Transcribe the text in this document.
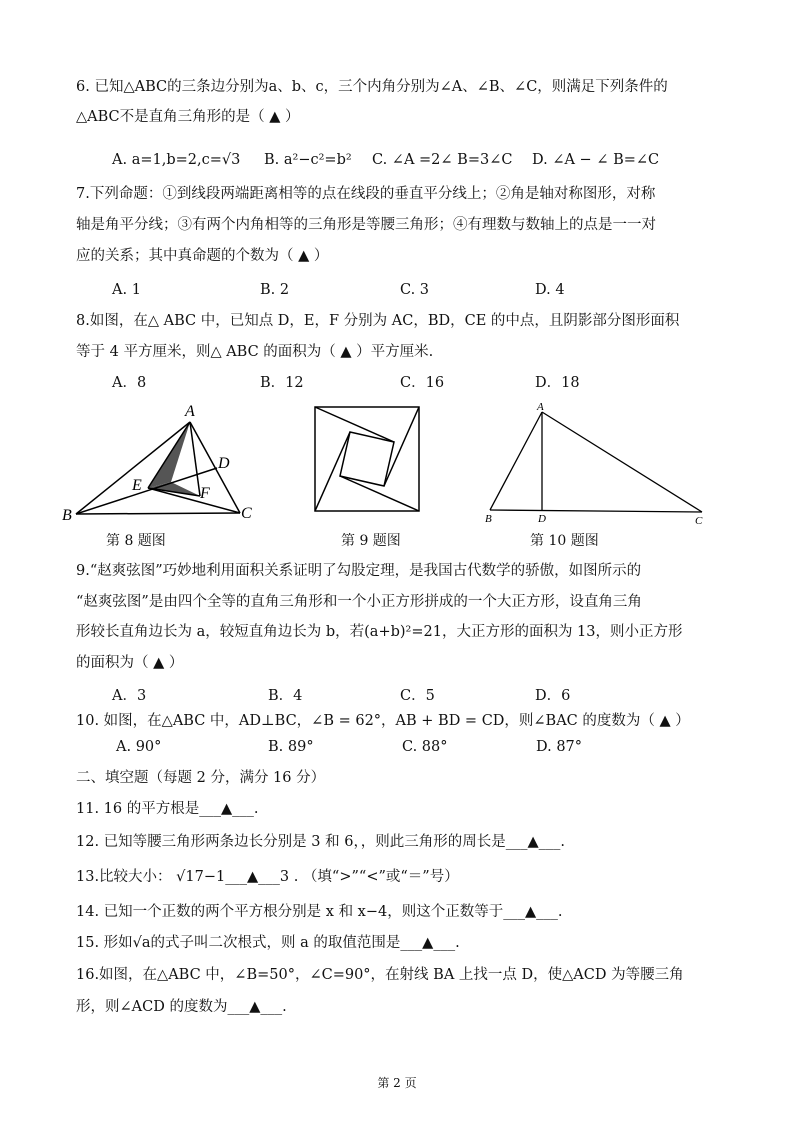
6. 已知△ABC的三条边分别为a、b、c，三个内角分别为∠A、∠B、∠C，则满足下列条件的
△ABC不是直角三角形的是（ ▲ ）
A. a=1,b=2,c=√3 B. a²−c²=b² C. ∠A =2∠ B=3∠C D. ∠A − ∠ B=∠C
7.下列命题：①到线段两端距离相等的点在线段的垂直平分线上；②角是轴对称图形，对称
轴是角平分线；③有两个内角相等的三角形是等腰三角形；④有理数与数轴上的点是一一对
应的关系；其中真命题的个数为（ ▲ ）
A. 1	B. 2	C. 3	D. 4
8.如图，在△ ABC 中，已知点 D，E，F 分别为 AC，BD，CE 的中点，且阴影部分图形面积
等于 4 平方厘米，则△ ABC 的面积为（ ▲ ）平方厘米.
A．8	B．12	C．16	D．18
A
B	C
D
E	F
第 8 题图	第 9 题图
A
B	D	C
第 10 题图
9.“赵爽弦图”巧妙地利用面积关系证明了勾股定理，是我国古代数学的骄傲，如图所示的
“赵爽弦图”是由四个全等的直角三角形和一个小正方形拼成的一个大正方形，设直角三角
形较长直角边长为 a，较短直角边长为 b，若(a+b)²=21，大正方形的面积为 13，则小正方形
的面积为（ ▲ ）
A．3	B．4	C．5	D．6
10. 如图，在△ABC 中，AD⊥BC，∠B = 62°，AB + BD = CD，则∠BAC 的度数为（ ▲ ）
A. 90°	B. 89°	C. 88°	D. 87°
二、填空题（每题 2 分，满分 16 分）
11. 16 的平方根是___▲___.
12. 已知等腰三角形两条边长分别是 3 和 6，，则此三角形的周长是___▲___.
13.比较大小： √17−1___▲___3 . （填“>”“<”或“＝”号）
14. 已知一个正数的两个平方根分别是 x 和 x−4，则这个正数等于___▲___.
15. 形如√a的式子叫二次根式，则 a 的取值范围是___▲___.
16.如图，在△ABC 中，∠B=50°，∠C=90°，在射线 BA 上找一点 D，使△ACD 为等腰三角
形，则∠ACD 的度数为___▲___.
第 2 页
